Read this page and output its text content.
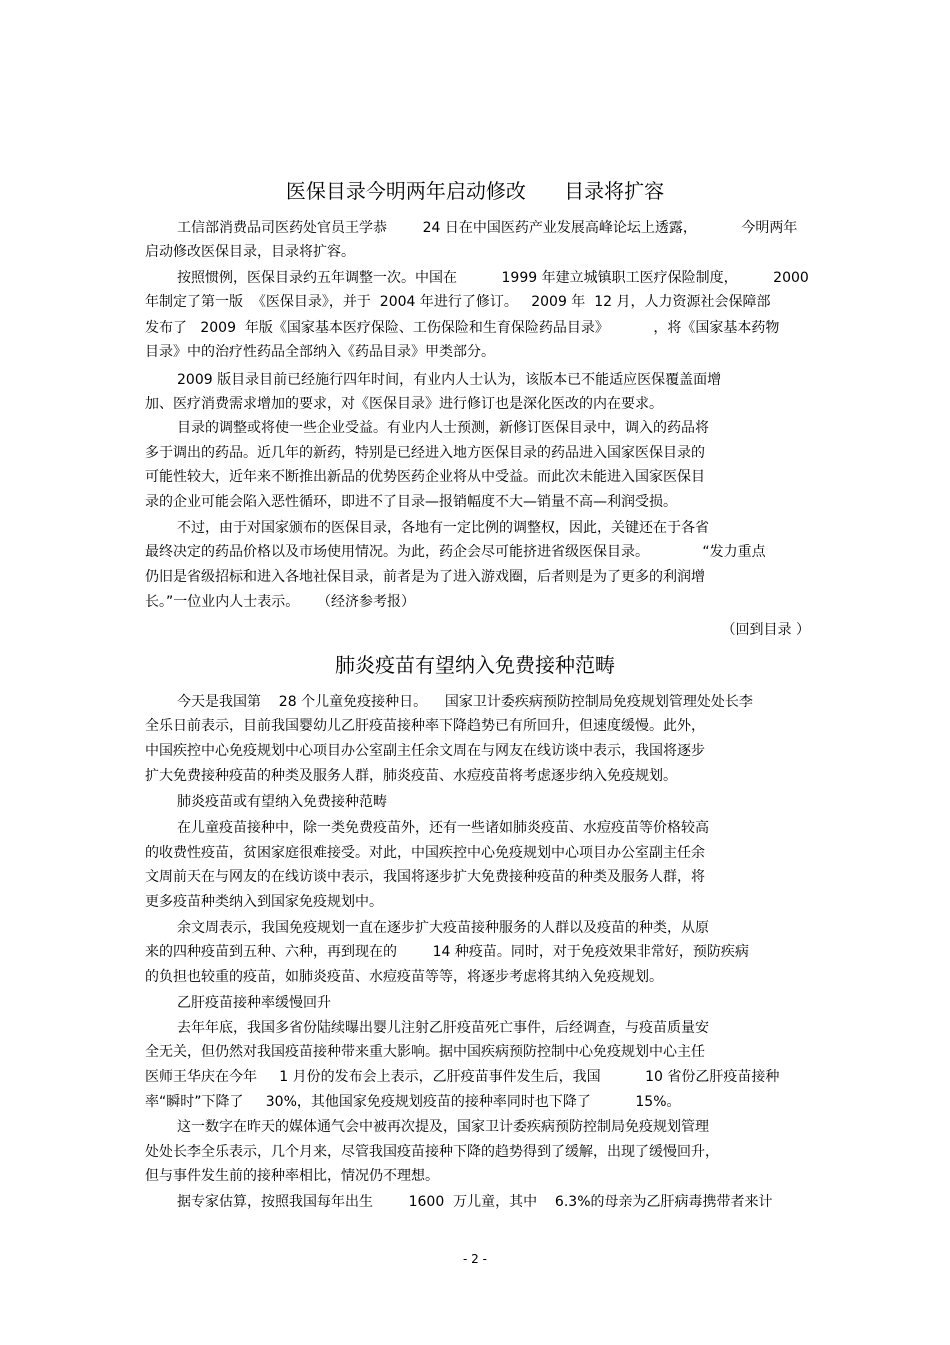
医保目录今明两年启动修改      目录将扩容

工信部消费品司医药处官员王学恭        24 日在中国医药产业发展高峰论坛上透露，          今明两年

启动修改医保目录，目录将扩容。

按照惯例，医保目录约五年调整一次。中国在          1999 年建立城镇职工医疗保险制度，        2000

年制定了第一版  《医保目录》，并于  2004 年进行了修订。   2009 年  12 月，人力资源社会保障部

发布了   2009  年版《国家基本医疗保险、工伤保险和生育保险药品目录》          ，将《国家基本药物

目录》中的治疗性药品全部纳入《药品目录》甲类部分。

2009 版目录目前已经施行四年时间，有业内人士认为，该版本已不能适应医保覆盖面增

加、医疗消费需求增加的要求，对《医保目录》进行修订也是深化医改的内在要求。

目录的调整或将使一些企业受益。有业内人士预测，新修订医保目录中，调入的药品将

多于调出的药品。近几年的新药，特别是已经进入地方医保目录的药品进入国家医保目录的

可能性较大，近年来不断推出新品的优势医药企业将从中受益。而此次未能进入国家医保目

录的企业可能会陷入恶性循环，即进不了目录—报销幅度不大—销量不高—利润受损。

不过，由于对国家颁布的医保目录，各地有一定比例的调整权，因此，关键还在于各省

最终决定的药品价格以及市场使用情况。为此，药企会尽可能挤进省级医保目录。            “发力重点

仍旧是省级招标和进入各地社保目录，前者是为了进入游戏圈，后者则是为了更多的利润增

长。”一位业内人士表示。    （经济参考报）

（回到目录 ）
肺炎疫苗有望纳入免费接种范畴

今天是我国第    28 个儿童免疫接种日。    国家卫计委疾病预防控制局免疫规划管理处处长李

全乐日前表示，目前我国婴幼儿乙肝疫苗接种率下降趋势已有所回升，但速度缓慢。此外，

中国疾控中心免疫规划中心项目办公室副主任余文周在与网友在线访谈中表示，我国将逐步

扩大免费接种疫苗的种类及服务人群，肺炎疫苗、水痘疫苗将考虑逐步纳入免疫规划。

肺炎疫苗或有望纳入免费接种范畴

在儿童疫苗接种中，除一类免费疫苗外，还有一些诸如肺炎疫苗、水痘疫苗等价格较高

的收费性疫苗，贫困家庭很难接受。对此，中国疾控中心免疫规划中心项目办公室副主任余

文周前天在与网友的在线访谈中表示，我国将逐步扩大免费接种疫苗的种类及服务人群，将

更多疫苗种类纳入到国家免疫规划中。

余文周表示，我国免疫规划一直在逐步扩大疫苗接种服务的人群以及疫苗的种类，从原

来的四种疫苗到五种、六种，再到现在的        14 种疫苗。同时，对于免疫效果非常好，预防疾病

的负担也较重的疫苗，如肺炎疫苗、水痘疫苗等等，将逐步考虑将其纳入免疫规划。

乙肝疫苗接种率缓慢回升

去年年底，我国多省份陆续曝出婴儿注射乙肝疫苗死亡事件，后经调查，与疫苗质量安

全无关，但仍然对我国疫苗接种带来重大影响。据中国疾病预防控制中心免疫规划中心主任

医师王华庆在今年     1 月份的发布会上表示，乙肝疫苗事件发生后，我国          10 省份乙肝疫苗接种

率“瞬时”下降了     30%，其他国家免疫规划疫苗的接种率同时也下降了          15%。

这一数字在昨天的媒体通气会中被再次提及，国家卫计委疾病预防控制局免疫规划管理

处处长李全乐表示，几个月来，尽管我国疫苗接种下降的趋势得到了缓解，出现了缓慢回升，

但与事件发生前的接种率相比，情况仍不理想。

据专家估算，按照我国每年出生        1600  万儿童，其中    6.3%的母亲为乙肝病毒携带者来计

- 2 -
